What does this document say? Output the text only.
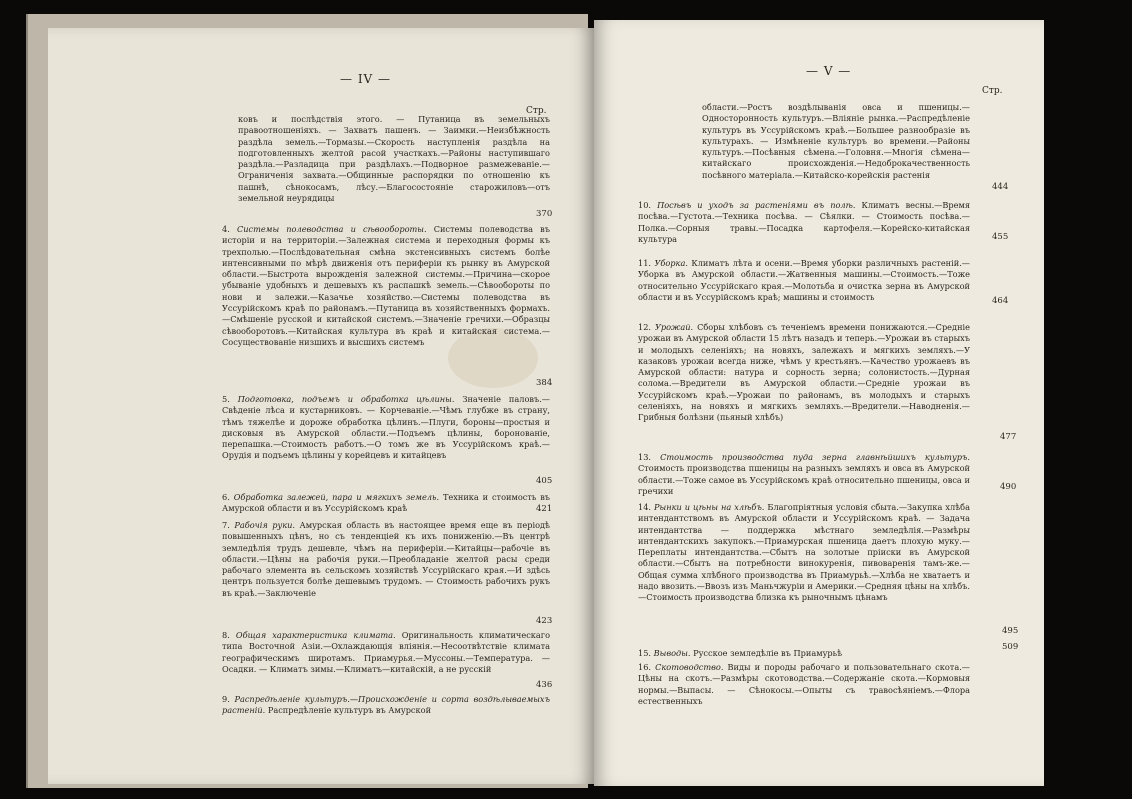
— IV —
Стр.
ковъ и послѣдствія этого. — Путаница въ земельныхъ правоотношеніяхъ. — Захватъ пашенъ. — Заимки.—Неизбѣжность раздѣла земель.—Тормазы.—Скорость наступленія раздѣла на подготовленныхъ желтой расой участкахъ.—Районы наступившаго раздѣла.—Разладица при раздѣлахъ.—Подворное размежеваніе.—Ограниченія захвата.—Общинные распорядки по отношенію къ пашнѣ, сѣнокосамъ, лѣсу.—Благосостояніе старожиловъ—отъ земельной неурядицы
370
4. Системы полеводства и сѣвообороты. Системы полеводства въ исторіи и на территоріи.—Залежная система и переходныя формы къ трехполью.—Послѣдовательная смѣна экстенсивныхъ системъ болѣе интенсивными по мѣрѣ движенія отъ периферіи къ рынку въ Амурской области.—Быстрота вырожденія залежной системы.—Причина—скорое убываніе удобныхъ и дешевыхъ къ распашкѣ земель.—Сѣвообороты по нови и залежи.—Казачье хозяйство.—Системы полеводства въ Уссурійскомъ краѣ по районамъ.—Путаница въ хозяйственныхъ формахъ.—Смѣшеніе русской и китайской системъ.—Значеніе гречихи.—Образцы сѣвооборотовъ.—Китайская культура въ краѣ и китайская система.—Сосуществованіе низшихъ и высшихъ системъ
384
5. Подготовка, подъемъ и обработка цѣлины. Значеніе паловъ.—Свѣденіе лѣса и кустарниковъ. — Корчеваніе.—Чѣмъ глубже въ страну, тѣмъ тяжелѣе и дороже обработка цѣлинъ.—Плуги, бороны—простыя и дисковыя въ Амурской области.—Подъемъ цѣлины, боронованіе, перепашка.—Стоимость работъ.—О томъ же въ Уссурійскомъ краѣ.—Орудія и подъемъ цѣлины у корейцевъ и китайцевъ
405
6. Обработка залежей, пара и мягкихъ земель. Техника и стоимость въ Амурской области и въ Уссурійскомъ краѣ	421
7. Рабочія руки. Амурская область въ настоящее время еще въ періодѣ повышенныхъ цѣнъ, но съ тенденціей къ ихъ пониженію.—Въ центрѣ земледѣлія трудъ дешевле, чѣмъ на периферіи.—Китайцы—рабочіе въ области.—Цѣны на рабочія руки.—Преобладаніе желтой расы среди рабочаго элемента въ сельскомъ хозяйствѣ Уссурійскаго края.—И здѣсь центръ пользуется болѣе дешевымъ трудомъ. — Стоимость рабочихъ рукъ въ краѣ.—Заключеніе
423
8. Общая характеристика климата. Оригинальность климатическаго типа Восточной Азіи.—Охлаждающія вліянія.—Несоотвѣтствіе климата географическимъ широтамъ. Приамурья.—Муссоны.—Температура. —Осадки. — Климатъ зимы.—Климатъ—китайскій, а не русскій
436
9. Распредѣленіе культуръ.—Происхожденіе и сорта воздѣлываемыхъ растеній. Распредѣленіе культуръ въ Амурской
— V —
Стр.
области.—Ростъ воздѣлыванія овса и пшеницы.—Односторонность культуръ.—Вліяніе рынка.—Распредѣленіе культуръ въ Уссурійскомъ краѣ.—Большее разнообразіе въ культурахъ. — Измѣненіе культуръ во времени.—Районы культуръ.—Посѣвныя сѣмена.—Головня.—Многія сѣмена—китайскаго происхожденія.—Недоброкачественность посѣвного матеріала.—Китайско-корейскія растенія
444
10. Посѣвъ и уходъ за растеніями въ полѣ. Климатъ весны.—Время посѣва.—Густота.—Техника посѣва. — Сѣялки. — Стоимость посѣва.—Полка.—Сорныя травы.—Посадка картофеля.—Корейско-китайская культура	455
11. Уборка. Климатъ лѣта и осени.—Время уборки различныхъ растеній.—Уборка въ Амурской области.—Жатвенныя машины.—Стоимость.—Тоже относительно Уссурійскаго края.—Молотьба и очистка зерна въ Амурской области и въ Уссурійскомъ краѣ; машины и стоимость	464
12. Урожай. Сборы хлѣбовъ съ теченіемъ времени понижаются.—Средніе урожаи въ Амурской области 15 лѣтъ назадъ и теперь.—Урожаи въ старыхъ и молодыхъ селеніяхъ; на новяхъ, залежахъ и мягкихъ земляхъ.—У казаковъ урожаи всегда ниже, чѣмъ у крестьянъ.—Качество урожаевъ въ Амурской области: натура и сорность зерна; солонистость.—Дурная солома.—Вредители въ Амурской области.—Средніе урожаи въ Уссурійскомъ краѣ.—Урожаи по районамъ, въ молодыхъ и старыхъ селеніяхъ, на новяхъ и мягкихъ земляхъ.—Вредители.—Наводненія.—Грибныя болѣзни (пьяный хлѣбъ)
477
13. Стоимость производства пуда зерна главнѣйшихъ культуръ. Стоимость производства пшеницы на разныхъ земляхъ и овса въ Амурской области.—Тоже самое въ Уссурійскомъ краѣ относительно пшеницы, овса и гречихи	490
14. Рынки и цѣны на хлѣбъ. Благопріятныя условія сбыта.—Закупка хлѣба интендантствомъ въ Амурской области и Уссурійскомъ краѣ. — Задача интендантства — поддержка мѣстнаго земледѣлія.—Размѣры интендантскихъ закупокъ.—Приамурская пшеница даетъ плохую муку.—Переплаты интендантства.—Сбытъ на золотые пріиски въ Амурской области.—Сбытъ на потребности винокуренія, пивоваренія тамъ-же.—Общая сумма хлѣбного производства въ Приамурьѣ.—Хлѣба не хватаетъ и надо ввозить.—Ввозъ изъ Маньчжуріи и Америки.—Средняя цѣны на хлѣбъ.—Стоимость производства близка къ рыночнымъ цѣнамъ
495
15. Выводы. Русское земледѣліе въ Приамурьѣ
509
16. Скотоводство. Виды и породы рабочаго и пользовательнаго скота.—Цѣны на скотъ.—Размѣры скотоводства.—Содержаніе скота.—Кормовыя нормы.—Выпасы. — Сѣнокосы.—Опыты съ травосѣяніемъ.—Флора естественныхъ
